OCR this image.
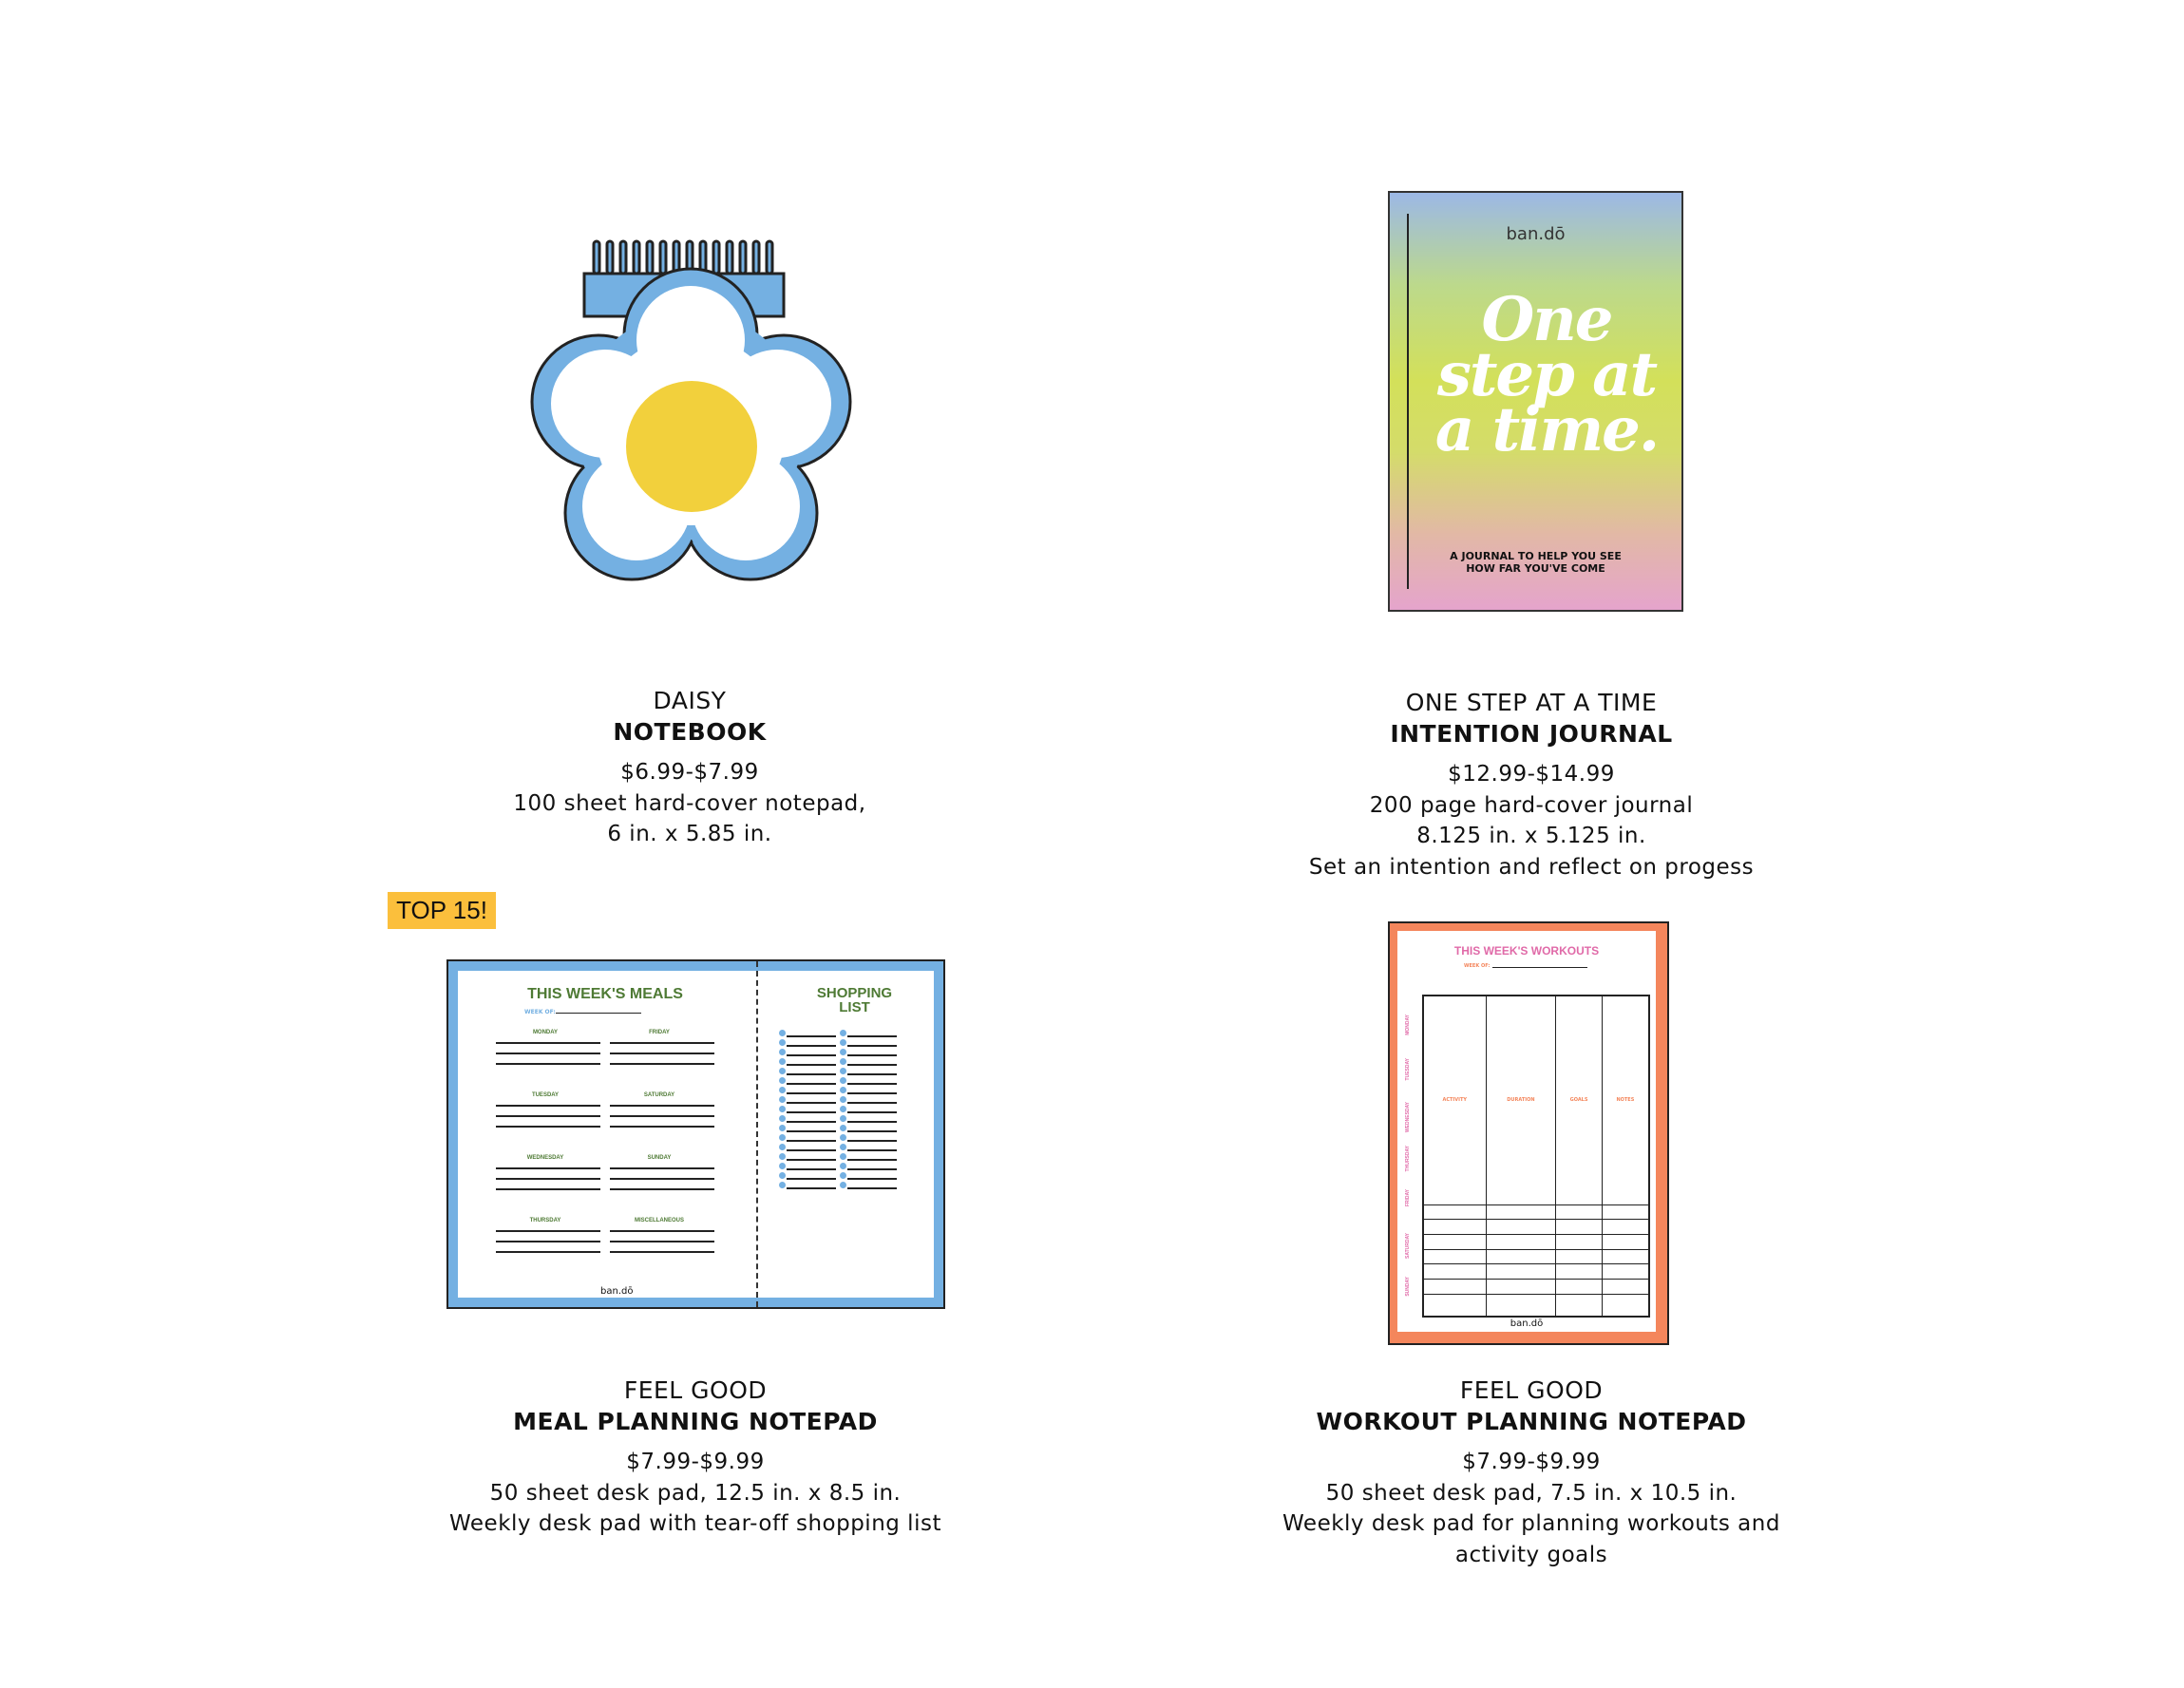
DAISY
NOTEBOOK
$6.99-$7.99
100 sheet hard-cover notepad,
6 in. x 5.85 in.
ban.dō
One step at a time.
A JOURNAL TO HELP YOU SEE
HOW FAR YOU'VE COME
ONE STEP AT A TIME
INTENTION JOURNAL
$12.99-$14.99
200 page hard-cover journal
8.125 in. x 5.125 in.
Set an intention and reflect on progess
TOP 15!
THIS WEEK'S MEALS
WEEK OF:
SHOPPING
LIST
ban.dō
MONDAY	FRIDAY
TUESDAY	SATURDAY
WEDNESDAY	SUNDAY
THURSDAY	MISCELLANEOUS
FEEL GOOD
MEAL PLANNING NOTEPAD
$7.99-$9.99
50 sheet desk pad, 12.5 in. x 8.5 in.
Weekly desk pad with tear-off shopping list
THIS WEEK'S WORKOUTS
WEEK OF:
ACTIVITY	DURATION	GOALS	NOTES

ban.dō
MONDAY
TUESDAY
WEDNESDAY
THURSDAY
FRIDAY
SATURDAY
SUNDAY
FEEL GOOD
WORKOUT PLANNING NOTEPAD
$7.99-$9.99
50 sheet desk pad, 7.5 in. x 10.5 in.
Weekly desk pad for planning workouts and
activity goals
